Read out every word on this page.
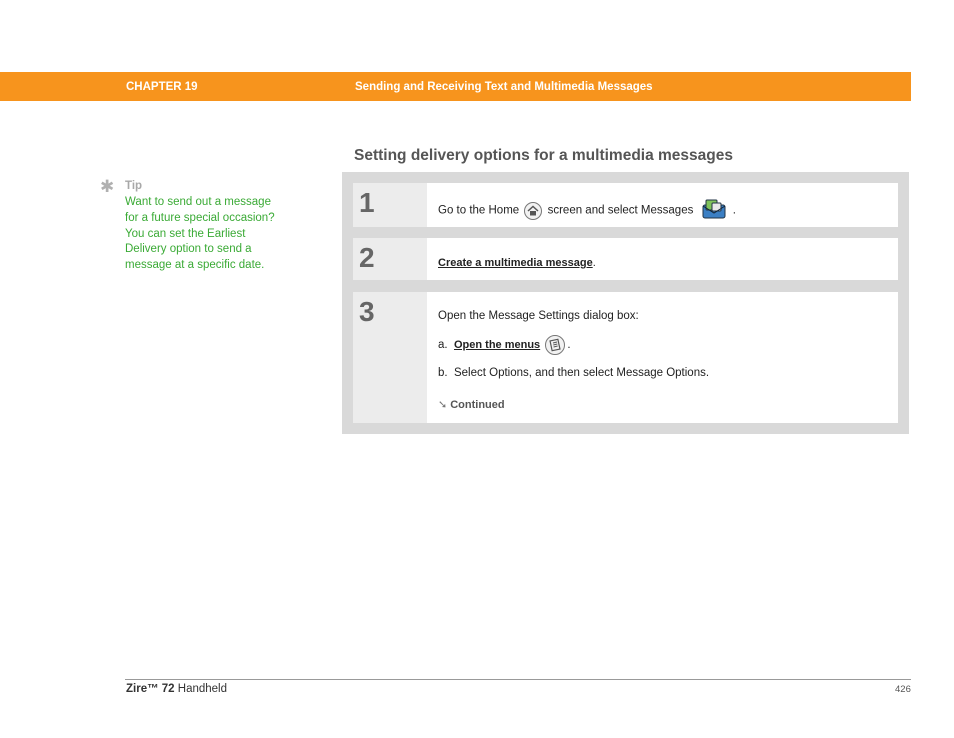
CHAPTER 19	Sending and Receiving Text and Multimedia Messages
Setting delivery options for a multimedia messages
✱ Tip
Want to send out a message for a future special occasion? You can set the Earliest Delivery option to send a message at a specific date.
1	Go to the Home screen and select Messages	.
2	Create a multimedia message.
3	Open the Message Settings dialog box:
a. Open the menus .
b. Select Options, and then select Message Options.
➘ Continued
Zire™ 72 Handheld	426
